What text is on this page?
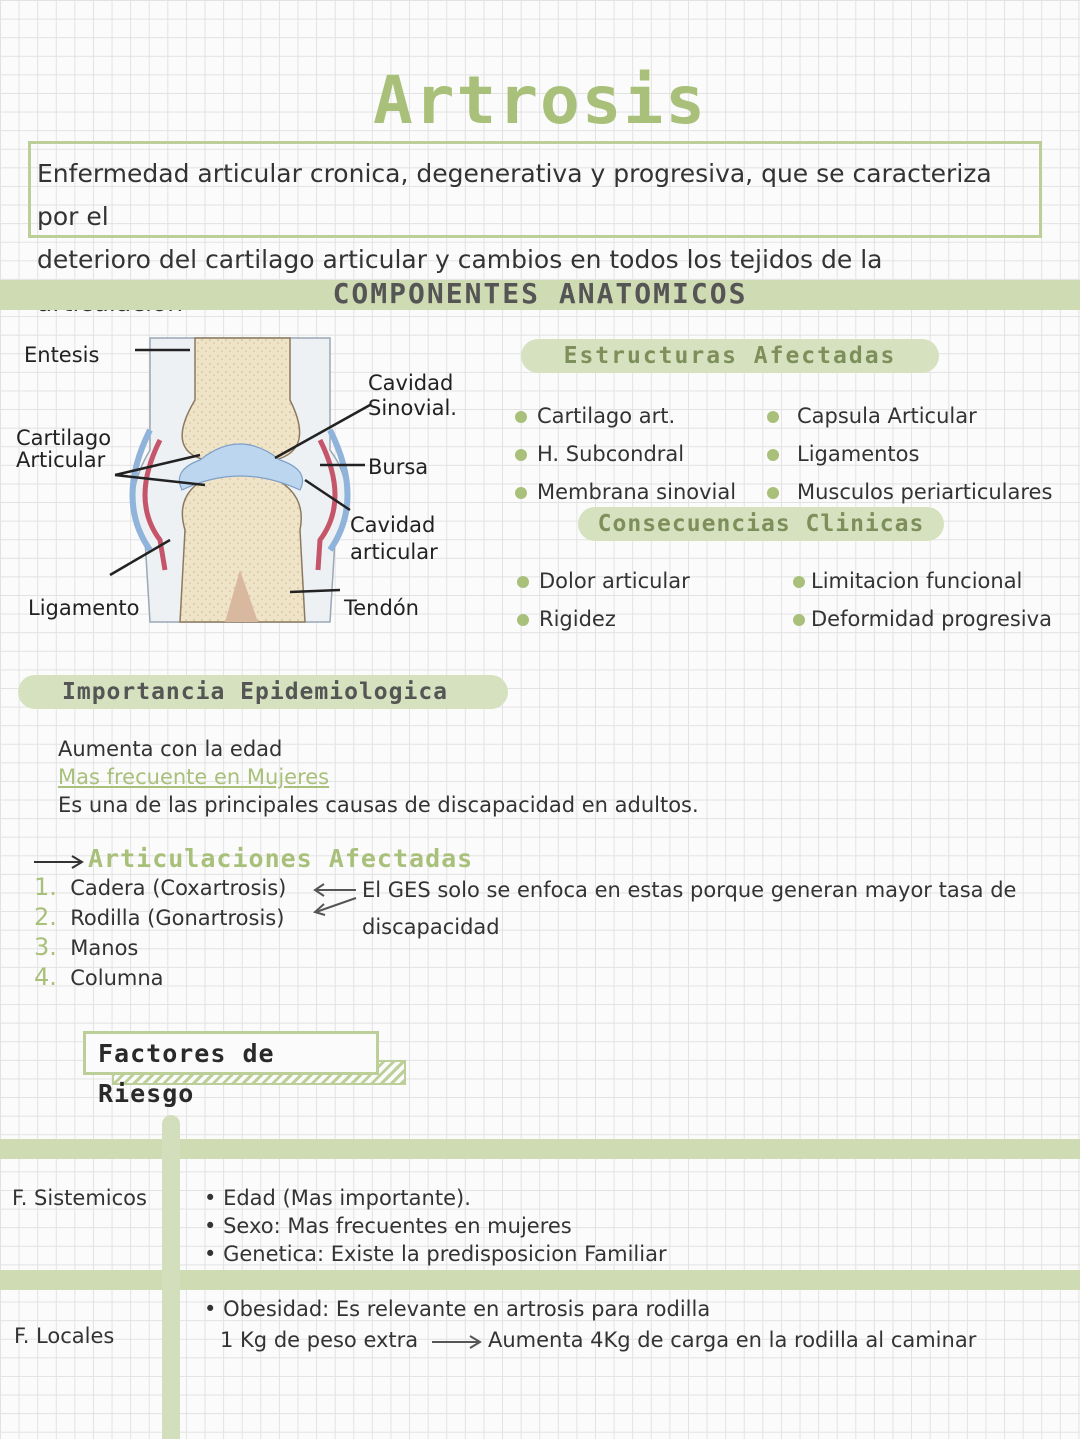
Artrosis
Enfermedad articular cronica, degenerativa y progresiva, que se caracteriza por el
deterioro del cartilago articular y cambios en todos los tejidos de la
COMPONENTES ANATOMICOS
Entesis
Cartilago
Articular
Ligamento
Cavidad
Sinovial.
Bursa
Cavidad
articular
Tendón
Estructuras Afectadas
Cartilago art.
H. Subcondral
Membrana sinovial
Capsula Articular
Ligamentos
Musculos periarticulares
Consecuencias Clinicas
Dolor articular
Rigidez
Limitacion funcional
Deformidad progresiva
Importancia Epidemiologica
Aumenta con la edad
Mas frecuente en Mujeres
Es una de las principales causas de discapacidad en adultos.
Articulaciones Afectadas
1. Cadera (Coxartrosis)
2. Rodilla (Gonartrosis)
3. Manos
4. Columna
El GES solo se enfoca en estas porque generan mayor tasa de
discapacidad
Factores de Riesgo
F. Sistemicos	• Edad (Mas importante).
• Sexo: Mas frecuentes en mujeres
• Genetica: Existe la predisposicion Familiar
F. Locales
• Obesidad: Es relevante en artrosis para rodilla
1 Kg de peso extra	Aumenta 4Kg de carga en la rodilla al caminar
